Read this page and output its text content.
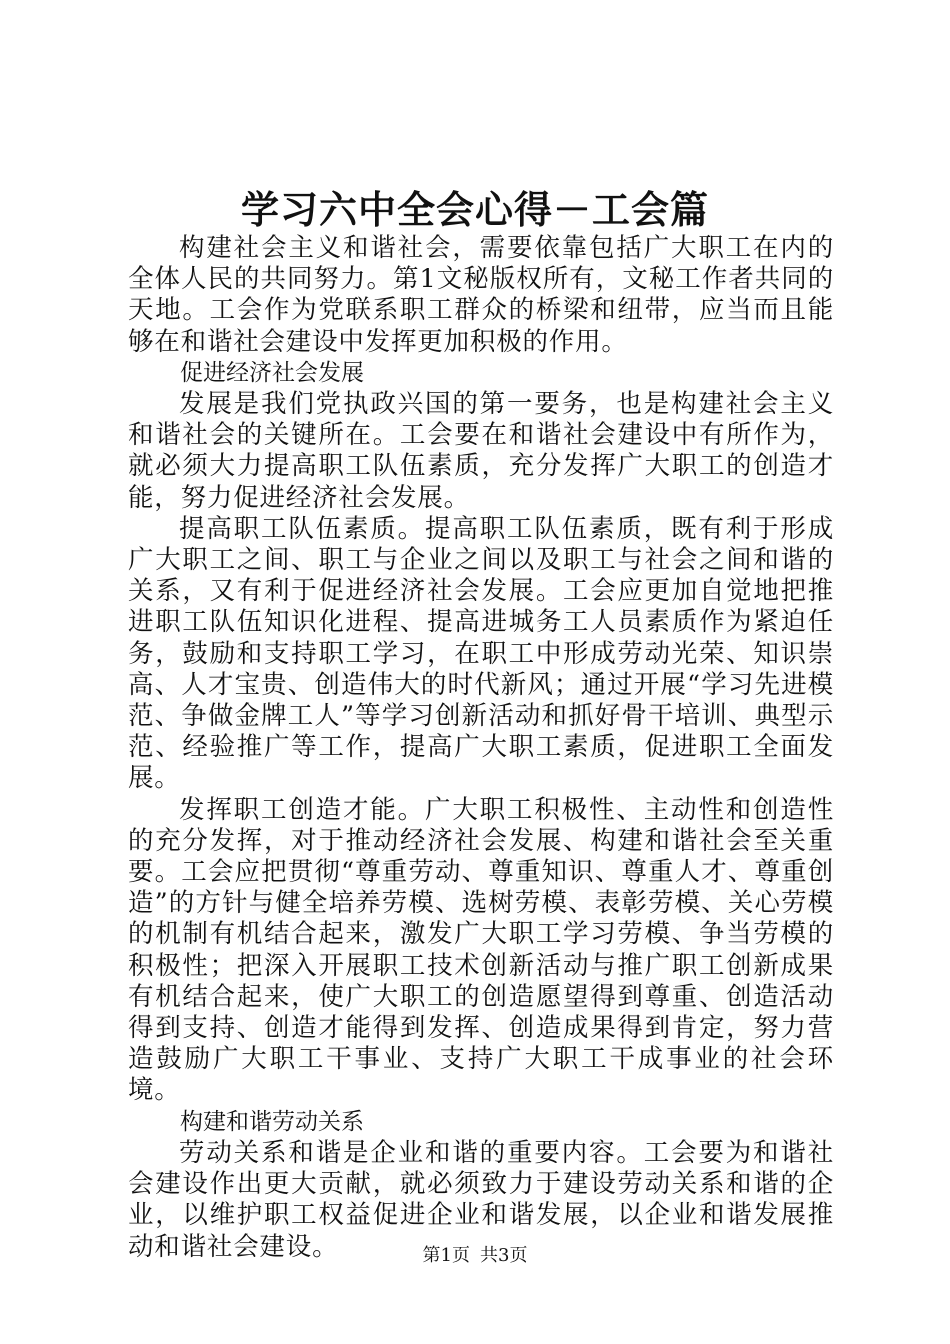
学习六中全会心得－工会篇

构建社会主义和谐社会，需要依靠包括广大职工在内的全体人民的共同努力。第1文秘版权所有，文秘工作者共同的天地。工会作为党联系职工群众的桥梁和纽带，应当而且能够在和谐社会建设中发挥更加积极的作用。

促进经济社会发展

发展是我们党执政兴国的第一要务，也是构建社会主义和谐社会的关键所在。工会要在和谐社会建设中有所作为，就必须大力提高职工队伍素质，充分发挥广大职工的创造才能，努力促进经济社会发展。

提高职工队伍素质。提高职工队伍素质，既有利于形成广大职工之间、职工与企业之间以及职工与社会之间和谐的关系，又有利于促进经济社会发展。工会应更加自觉地把推进职工队伍知识化进程、提高进城务工人员素质作为紧迫任务，鼓励和支持职工学习，在职工中形成劳动光荣、知识崇高、人才宝贵、创造伟大的时代新风；通过开展“学习先进模范、争做金牌工人”等学习创新活动和抓好骨干培训、典型示范、经验推广等工作，提高广大职工素质，促进职工全面发展。

发挥职工创造才能。广大职工积极性、主动性和创造性的充分发挥，对于推动经济社会发展、构建和谐社会至关重要。工会应把贯彻“尊重劳动、尊重知识、尊重人才、尊重创造”的方针与健全培养劳模、选树劳模、表彰劳模、关心劳模的机制有机结合起来，激发广大职工学习劳模、争当劳模的积极性；把深入开展职工技术创新活动与推广职工创新成果有机结合起来，使广大职工的创造愿望得到尊重、创造活动得到支持、创造才能得到发挥、创造成果得到肯定，努力营造鼓励广大职工干事业、支持广大职工干成事业的社会环境。

构建和谐劳动关系

劳动关系和谐是企业和谐的重要内容。工会要为和谐社会建设作出更大贡献，就必须致力于建设劳动关系和谐的企业，以维护职工权益促进企业和谐发展，以企业和谐发展推动和谐社会建设。	第1页 共3页
